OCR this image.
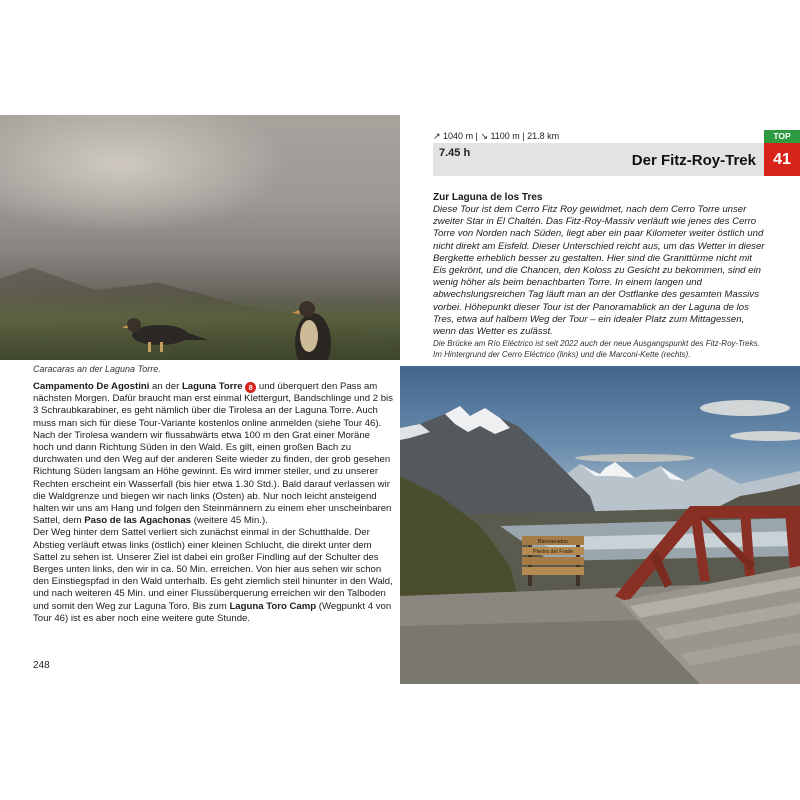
Caracaras an der Laguna Torre.

Campamento De Agostini an der Laguna Torre 8 und überquert den Pass am nächsten Morgen. Dafür braucht man erst einmal Klettergurt, Bandschlinge und 2 bis 3 Schraubkarabiner, es geht nämlich über die Tirolesa an der Laguna Torre. Auch muss man sich für diese Tour-Variante kostenlos online anmelden (siehe Tour 46).

Nach der Tirolesa wandern wir flussabwärts etwa 100 m den Grat einer Moräne hoch und dann Richtung Süden in den Wald. Es gilt, einen großen Bach zu durchwaten und den Weg auf der anderen Seite wieder zu finden, der grob gesehen Richtung Süden langsam an Höhe gewinnt. Es wird immer steiler, und zu unserer Rechten erscheint ein Wasserfall (bis hier etwa 1.30 Std.). Bald darauf verlassen wir die Waldgrenze und biegen wir nach links (Osten) ab. Nur noch leicht ansteigend halten wir uns am Hang und folgen den Steinmännern zu einem eher unscheinbaren Sattel, dem Paso de las Agachonas (weitere 45 Min.).

Der Weg hinter dem Sattel verliert sich zunächst einmal in der Schutthalde. Der Abstieg verläuft etwas links (östlich) einer kleinen Schlucht, die direkt unter dem Sattel zu sehen ist. Unserer Ziel ist dabei ein großer Findling auf der Schulter des Berges unten links, den wir in ca. 50 Min. erreichen. Von hier aus sehen wir schon den Einstiegspfad in den Wald unterhalb. Es geht ziemlich steil hinunter in den Wald, und nach weiteren 45 Min. und einer Flussüberquerung erreichen wir den Talboden und somit den Weg zur Laguna Toro. Bis zum Laguna Toro Camp (Wegpunkt 4 von Tour 46) ist es aber noch eine weitere gute Stunde.

248
↗ 1040 m | ↘ 1100 m | 21.8 km	TOP
7.45 h	Der Fitz-Roy-Trek	41
Zur Laguna de los Tres
Diese Tour ist dem Cerro Fitz Roy gewidmet, nach dem Cerro Torre unser zweiter Star in El Chaltén. Das Fitz-Roy-Massiv verläuft wie jenes des Cerro Torre von Norden nach Süden, liegt aber ein paar Kilometer weiter östlich und nicht direkt am Eisfeld. Dieser Unterschied reicht aus, um das Wetter in dieser Bergkette erheblich besser zu gestalten. Hier sind die Granittürme nicht mit Eis gekrönt, und die Chancen, den Koloss zu Gesicht zu bekommen, sind ein wenig höher als beim benachbarten Torre. In einem langen und abwechslungsreichen Tag läuft man an der Ostflanke des gesamten Massivs vorbei. Höhepunkt dieser Tour ist der Panoramablick an der Laguna de los Tres, etwa auf halbem Weg der Tour – ein idealer Platz zum Mittagessen, wenn das Wetter es zulässt.
Die Brücke am Río Eléctrico ist seit 2022 auch der neue Ausgangspunkt des Fitz-Roy-Treks. Im Hintergrund der Cerro Eléctrico (links) und die Marconi-Kette (rechts).
Bienvenidos
Piedra del Fraile
